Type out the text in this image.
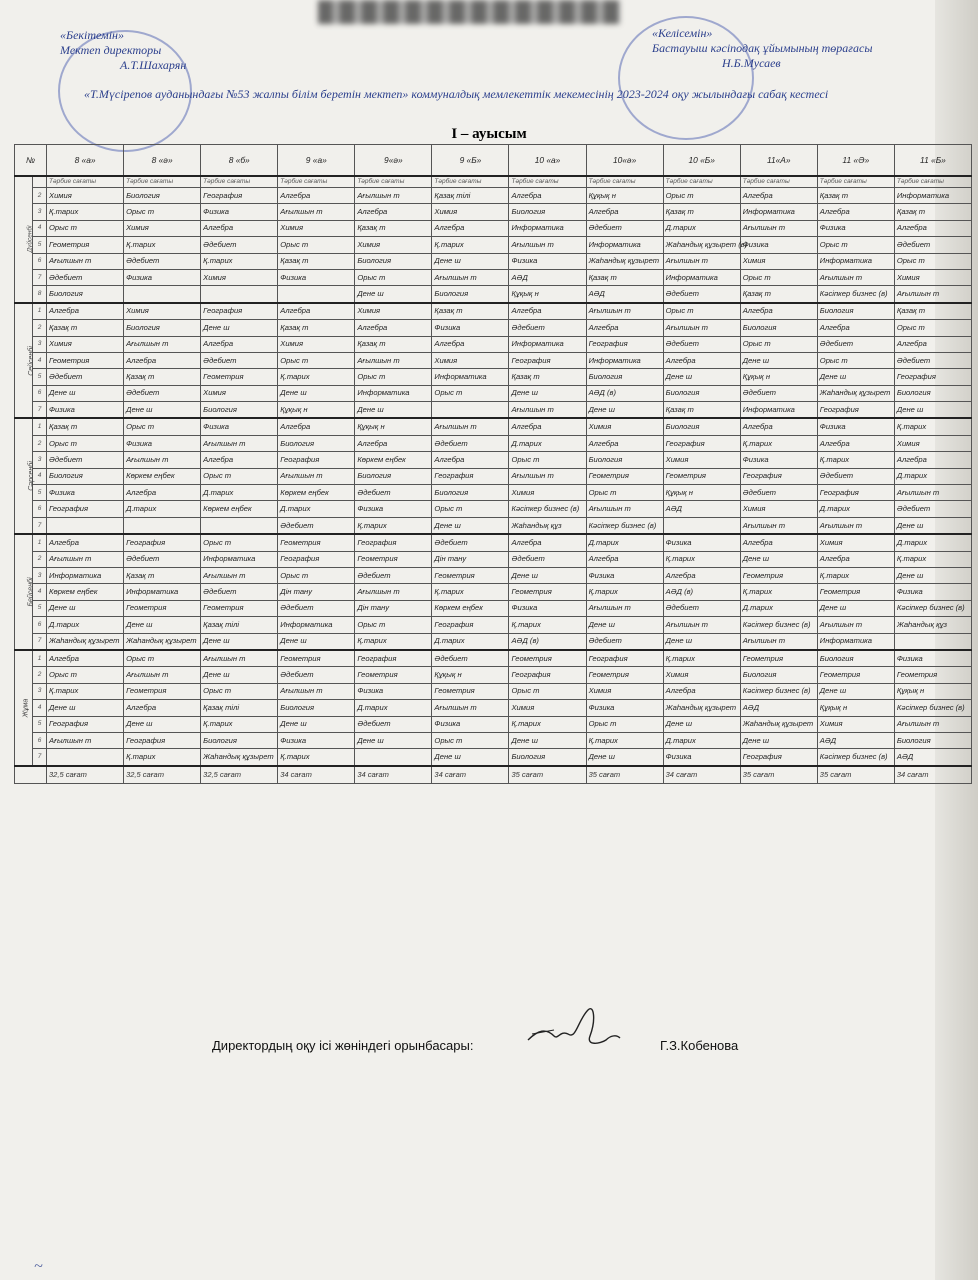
«Бекітемін»
Мектеп директоры
А.Т.Шахарян
«Келісемін»
Бастауыш кәсіподақ ұйымының төрағасы
Н.Б.Мусаев
«Т.Мүсірепов ауданындағы №53 жалпы білім беретін мектеп» коммуналдық мемлекеттік мекемесінің 2023-2024 оқу жылындағы сабақ кестесі
I – ауысым
№		8 «а»	8 «ә»	8 «б»	9 «а»	9«ә»	9 «Б»	10 «а»	10«ә»	10 «Б»	11«А»	11 «Ә»	11 «Б»
Дүйсенбі		Тәрбие сағаты	Тәрбие сағаты	Тәрбие сағаты	Тәрбие сағаты	Тәрбие сағаты	Тәрбие сағаты	Тәрбие сағаты	Тәрбие сағаты	Тәрбие сағаты	Тәрбие сағаты	Тәрбие сағаты	Тәрбие сағаты
	2	Химия	Биология	География	Алгебра	Ағылшын т	Қазақ тілі	Алгебра	Құқық н	Орыс т	Алгебра	Қазақ т	Информатика
	3	Қ.тарих	Орыс т	Физика	Ағылшын т	Алгебра	Химия	Биология	Алгебра	Қазақ т	Информатика	Алгебра	Қазақ т
	4	Орыс т	Химия	Алгебра	Химия	Қазақ т	Алгебра	Информатика	Әдебиет	Д.тарих	Ағылшын т	Физика	Алгебра
	5	Геометрия	Қ.тарих	Әдебиет	Орыс т	Химия	Қ.тарих	Ағылшын т	Информатика	Жаһандық құзырет (в)	Физика	Орыс т	Әдебиет
	6	Ағылшын т	Әдебиет	Қ.тарих	Қазақ т	Биология	Дене ш	Физика	Жаһандық құзырет	Ағылшын т	Химия	Информатика	Орыс т
	7	Әдебиет	Физика	Химия	Физика	Орыс т	Ағылшын т	АӘД	Қазақ т	Информатика	Орыс т	Ағылшын т	Химия
	8	Биология				Дене ш	Биология	Құқық н	АӘД	Әдебиет	Қазақ т	Кәсіпкер бизнес (в)	Ағылшын т
Сейсенбі	1	Алгебра	Химия	География	Алгебра	Химия	Қазақ т	Алгебра	Ағылшын т	Орыс т	Алгебра	Биология	Қазақ т
	2	Қазақ т	Биология	Дене ш	Қазақ т	Алгебра	Физика	Әдебиет	Алгебра	Ағылшын т	Биология	Алгебра	Орыс т
	3	Химия	Ағылшын т	Алгебра	Химия	Қазақ т	Алгебра	Информатика	География	Әдебиет	Орыс т	Әдебиет	Алгебра
	4	Геометрия	Алгебра	Әдебиет	Орыс т	Ағылшын т	Химия	География	Информатика	Алгебра	Дене ш	Орыс т	Әдебиет
	5	Әдебиет	Қазақ т	Геометрия	Қ.тарих	Орыс т	Информатика	Қазақ т	Биология	Дене ш	Құқық н	Дене ш	География
	6	Дене ш	Әдебиет	Химия	Дене ш	Информатика	Орыс т	Дене ш	АӘД (в)	Биология	Әдебиет	Жаһандық құзырет	Биология
	7	Физика	Дене ш	Биология	Құқық н	Дене ш		Ағылшын т	Дене ш	Қазақ т	Информатика	География	Дене ш
Сәрсенбі	1	Қазақ т	Орыс т	Физика	Алгебра	Құқық н	Ағылшын т	Алгебра	Химия	Биология	Алгебра	Физика	Қ.тарих
	2	Орыс т	Физика	Ағылшын т	Биология	Алгебра	Әдебиет	Д.тарих	Алгебра	География	Қ.тарих	Алгебра	Химия
	3	Әдебиет	Ағылшын т	Алгебра	География	Көркем еңбек	Алгебра	Орыс т	Биология	Химия	Физика	Қ.тарих	Алгебра
	4	Биология	Көркем еңбек	Орыс т	Ағылшын т	Биология	География	Ағылшын т	Геометрия	Геометрия	География	Әдебиет	Д.тарих
	5	Физика	Алгебра	Д.тарих	Көркем еңбек	Әдебиет	Биология	Химия	Орыс т	Құқық н	Әдебиет	География	Ағылшын т
	6	География	Д.тарих	Көркем еңбек	Д.тарих	Физика	Орыс т	Кәсіпкер бизнес (в)	Ағылшын т	АӘД	Химия	Д.тарих	Әдебиет
	7				Әдебиет	Қ.тарих	Дене ш	Жаһандық құз	Кәсіпкер бизнес (в)		Ағылшын т	Ағылшын т	Дене ш
Бейсенбі	1	Алгебра	География	Орыс т	Геометрия	География	Әдебиет	Алгебра	Д.тарих	Физика	Алгебра	Химия	Д.тарих
	2	Ағылшын т	Әдебиет	Информатика	География	Геометрия	Дін тану	Әдебиет	Алгебра	Қ.тарих	Дене ш	Алгебра	Қ.тарих
	3	Информатика	Қазақ т	Ағылшын т	Орыс т	Әдебиет	Геометрия	Дене ш	Физика	Алгебра	Геометрия	Қ.тарих	Дене ш
	4	Көркем еңбек	Информатика	Әдебиет	Дін тану	Ағылшын т	Қ.тарих	Геометрия	Қ.тарих	АӘД (в)	Қ.тарих	Геометрия	Физика
	5	Дене ш	Геометрия	Геометрия	Әдебиет	Дін тану	Көркем еңбек	Физика	Ағылшын т	Әдебиет	Д.тарих	Дене ш	Кәсіпкер бизнес (в)
	6	Д.тарих	Дене ш	Қазақ тілі	Информатика	Орыс т	География	Қ.тарих	Дене ш	Ағылшын т	Кәсіпкер бизнес (в)	Ағылшын т	Жаһандық құз
	7	Жаһандық құзырет	Жаһандық құзырет	Дене ш	Дене ш	Қ.тарих	Д.тарих	АӘД (в)	Әдебиет	Дене ш	Ағылшын т	Информатика	
Жұма	1	Алгебра	Орыс т	Ағылшын т	Геометрия	География	Әдебиет	Геометрия	География	Қ.тарих	Геометрия	Биология	Физика
	2	Орыс т	Ағылшын т	Дене ш	Әдебиет	Геометрия	Құқық н	География	Геометрия	Химия	Биология	Геометрия	Геометрия
	3	Қ.тарих	Геометрия	Орыс т	Ағылшын т	Физика	Геометрия	Орыс т	Химия	Алгебра	Кәсіпкер бизнес (в)	Дене ш	Құқық н
	4	Дене ш	Алгебра	Қазақ тілі	Биология	Д.тарих	Ағылшын т	Химия	Физика	Жаһандық құзырет	АӘД	Құқық н	Кәсіпкер бизнес (в)
	5	География	Дене ш	Қ.тарих	Дене ш	Әдебиет	Физика	Қ.тарих	Орыс т	Дене ш	Жаһандық құзырет	Химия	Ағылшын т
	6	Ағылшын т	География	Биология	Физика	Дене ш	Орыс т	Дене ш	Қ.тарих	Д.тарих	Дене ш	АӘД	Биология
	7		Қ.тарих	Жаһандық құзырет	Қ.тарих		Дене ш	Биология	Дене ш	Физика	География	Кәсіпкер бизнес (в)	АӘД
		32,5 сағат	32,5 сағат	32,5 сағат	34 сағат	34 сағат	34 сағат	35 сағат	35 сағат	34 сағат	35 сағат	35 сағат	34 сағат
Директордың оқу ісі жөніндегі орынбасары:	Г.З.Кобенова
~
